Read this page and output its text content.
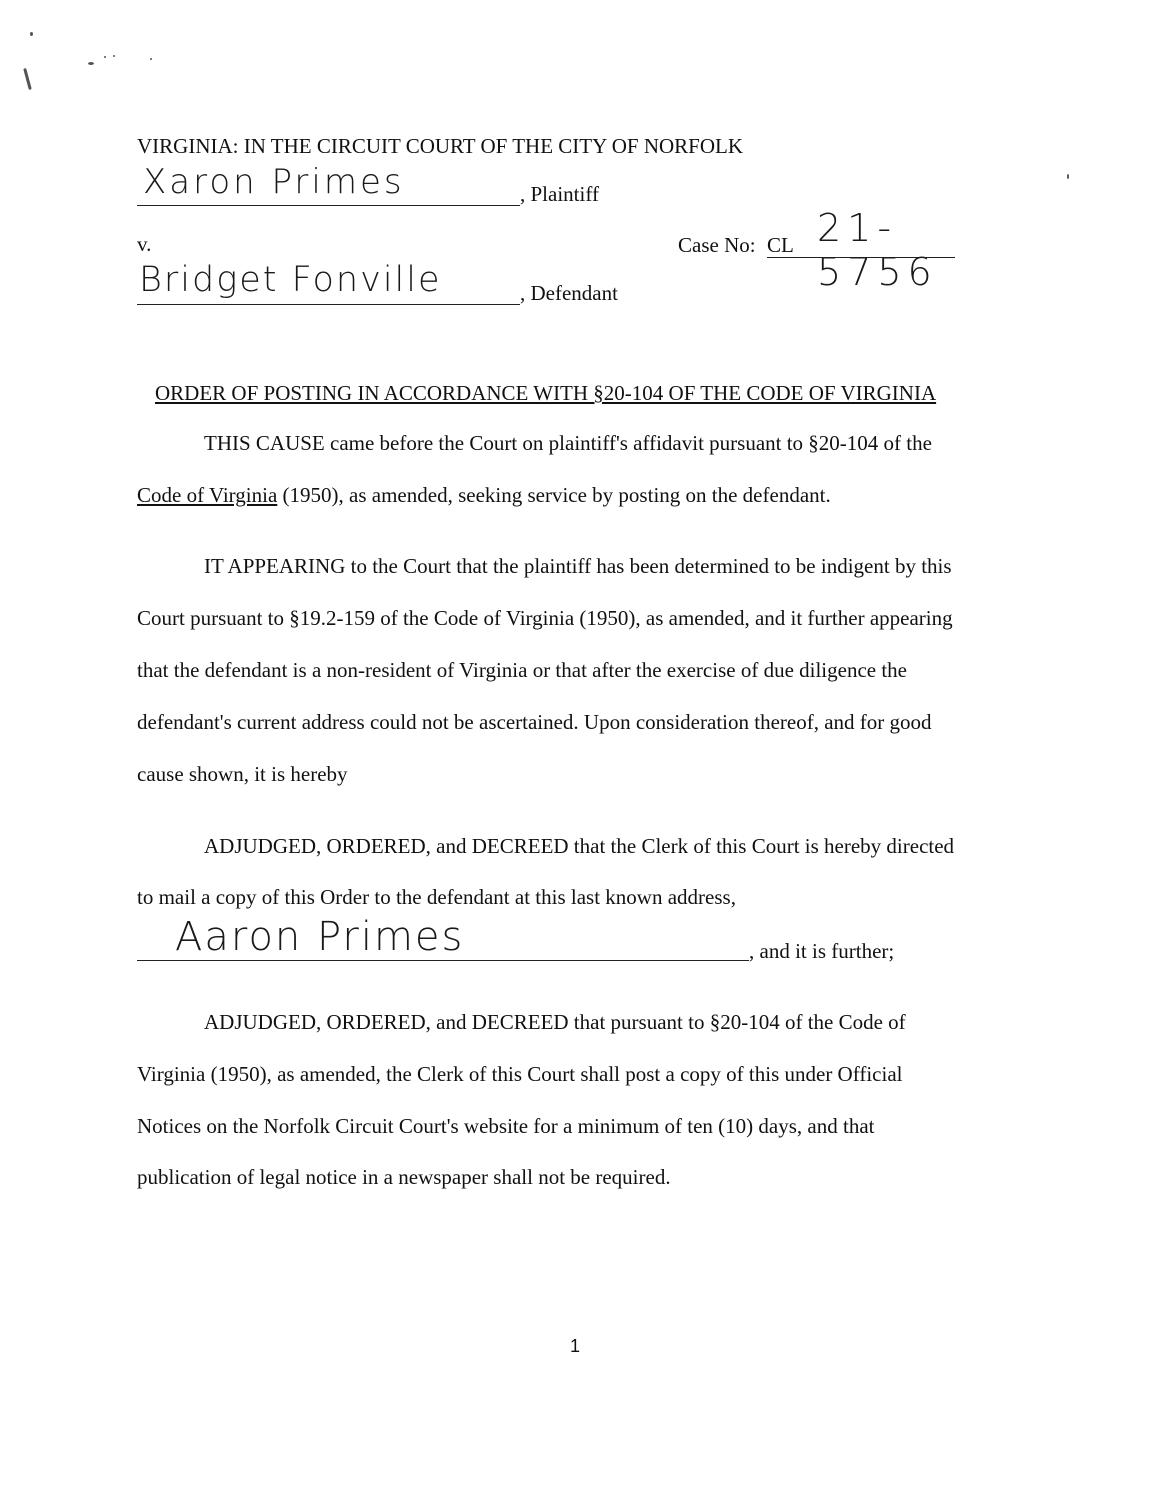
VIRGINIA: IN THE CIRCUIT COURT OF THE CITY OF NORFOLK
Xaron Primes	, Plaintiff
v.
Bridget Fonville	, Defendant
Case No: CL 21-5756
ORDER OF POSTING IN ACCORDANCE WITH §20-104 OF THE CODE OF VIRGINIA
THIS CAUSE came before the Court on plaintiff's affidavit pursuant to §20-104 of the
Code of Virginia (1950), as amended, seeking service by posting on the defendant.
IT APPEARING to the Court that the plaintiff has been determined to be indigent by this
Court pursuant to §19.2-159 of the Code of Virginia (1950), as amended, and it further appearing
that the defendant is a non-resident of Virginia or that after the exercise of due diligence the
defendant's current address could not be ascertained. Upon consideration thereof, and for good
cause shown, it is hereby
ADJUDGED, ORDERED, and DECREED that the Clerk of this Court is hereby directed
to mail a copy of this Order to the defendant at this last known address,
Aaron Primes	, and it is further;
ADJUDGED, ORDERED, and DECREED that pursuant to §20-104 of the Code of
Virginia (1950), as amended, the Clerk of this Court shall post a copy of this under Official
Notices on the Norfolk Circuit Court's website for a minimum of ten (10) days, and that
publication of legal notice in a newspaper shall not be required.
1
